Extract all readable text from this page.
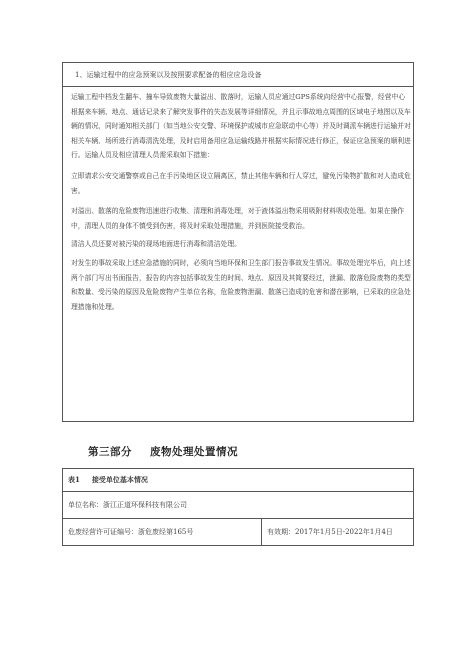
1、运输过程中的应急预案以及按照要求配备的相应应急设备

运输工程中档发生翻车、撞车导致废物大量溢出、散落时，运输人员应通过GPS系统向经营中心报警，经营中心根据来车辆、地点、通话记录来了解突发事件的失态发展等详细情况，并且示事故地点周围的区域电子地图以及车辆的情况，同时通知相关部门（如当地公安交警、环境保护或城市应急联动中心等）并及时调派车辆进行运输并对相关车辆、场所进行消毒清洗处理，及时启用备用应急运输线路并根据实际情况进行修正，保证应急预案的顺利进行。运输人员及相应清理人员需采取如下措施：

立即请求公安交通警察或自己在手污染地区设立隔离区，禁止其他车辆和行人穿过，避免污染物扩散和对人造成危害。

对溢出、散落的危险废物迅速进行收集、清理和消毒处理，对于液体溢出物采用吸附材料吸收处理。如果在操作中，清理人员的身体不慎受到伤害，将及时采取处理措施，并到医院接受救治。

清洁人员还要对被污染的现场地面进行消毒和清洁处理。

对发生的事故采取上述应急措施的同时，必须向当地环保和卫生部门报告事故发生情况。事故处理完毕后，向上述两个部门写出书面报告，报告的内容包括事故发生的时间、地点、原因及其简要经过，泄漏、散落危险废物的类型和数量、受污染的原因及危险废物产生单位名称，危险废物泄漏、散落已造成的危害和潜在影响，已采取的应急处理措施和处理。

第三部分 废物处理处置情况
表1 接受单位基本情况
单位名称：浙江正道环保科技有限公司
危废经营许可证编号：浙危废经第165号	有效期：2017年1月5日-2022年1月4日
